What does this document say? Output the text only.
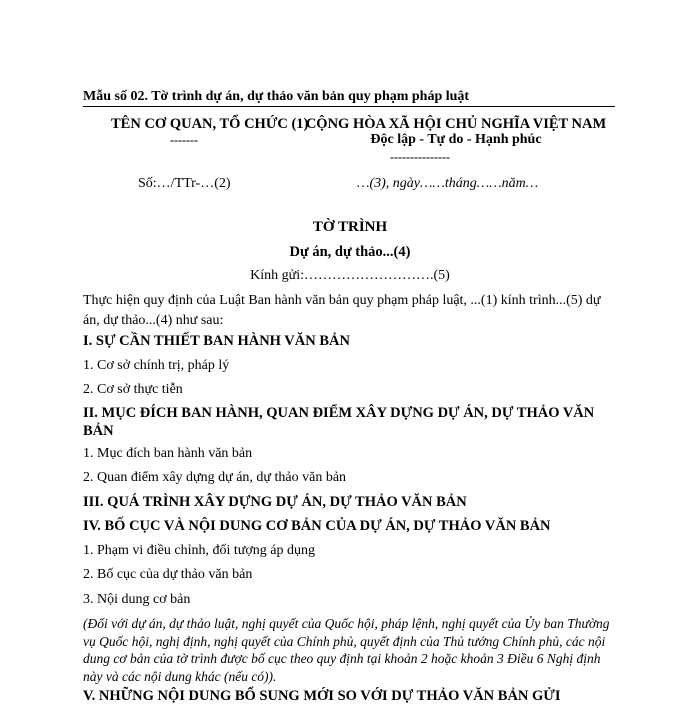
Mẫu số 02. Tờ trình dự án, dự thảo văn bản quy phạm pháp luật
TÊN CƠ QUAN, TỔ CHỨC (1)
-------
CỘNG HÒA XÃ HỘI CHỦ NGHĨA VIỆT NAM
Độc lập - Tự do - Hạnh phúc
---------------
Số:…/TTr-…(2)	…(3), ngày……tháng……năm…
TỜ TRÌNH
Dự án, dự thảo...(4)
Kính gửi:……………………….(5)
Thực hiện quy định của Luật Ban hành văn bản quy phạm pháp luật, ...(1) kính trình...(5) dự án, dự thảo...(4) như sau:
I. SỰ CẦN THIẾT BAN HÀNH VĂN BẢN
1. Cơ sở chính trị, pháp lý
2. Cơ sở thực tiễn
II. MỤC ĐÍCH BAN HÀNH, QUAN ĐIỂM XÂY DỰNG DỰ ÁN, DỰ THẢO VĂN BẢN
1. Mục đích ban hành văn bản
2. Quan điểm xây dựng dự án, dự thảo văn bản
III. QUÁ TRÌNH XÂY DỰNG DỰ ÁN, DỰ THẢO VĂN BẢN
IV. BỐ CỤC VÀ NỘI DUNG CƠ BẢN CỦA DỰ ÁN, DỰ THẢO VĂN BẢN
1. Phạm vi điều chỉnh, đối tượng áp dụng
2. Bố cục của dự thảo văn bản
3. Nội dung cơ bản
(Đối với dự án, dự thảo luật, nghị quyết của Quốc hội, pháp lệnh, nghị quyết của Ủy ban Thường vụ Quốc hội, nghị định, nghị quyết của Chính phủ, quyết định của Thủ tướng Chính phủ, các nội dung cơ bản của tờ trình được bố cục theo quy định tại khoản 2 hoặc khoản 3 Điều 6 Nghị định này và các nội dung khác (nếu có)).
V. NHỮNG NỘI DUNG BỔ SUNG MỚI SO VỚI DỰ THẢO VĂN BẢN GỬI
